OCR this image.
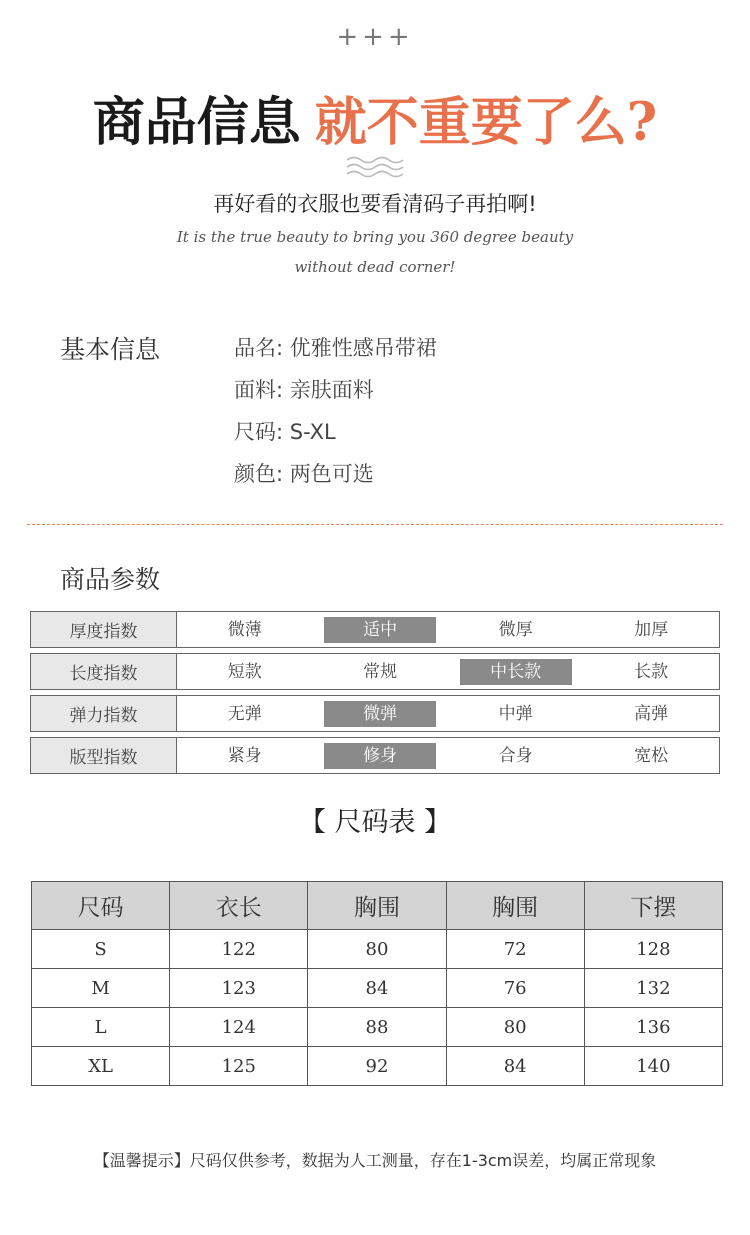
+++
商品信息 就不重要了么?
再好看的衣服也要看清码子再拍啊!
It is the true beauty to bring you 360 degree beauty
without dead corner!
基本信息	品名: 优雅性感吊带裙
面料: 亲肤面料
尺码: S-XL
颜色: 两色可选
商品参数
厚度指数	微薄	适中	微厚	加厚
长度指数	短款	常规	中长款	长款
弹力指数	无弹	微弹	中弹	高弹
版型指数	紧身	修身	合身	宽松
【 尺码表 】
尺码	衣长	胸围	胸围	下摆
S	122	80	72	128
M	123	84	76	132
L	124	88	80	136
XL	125	92	84	140
【温馨提示】尺码仅供参考，数据为人工测量，存在1-3cm误差，均属正常现象
